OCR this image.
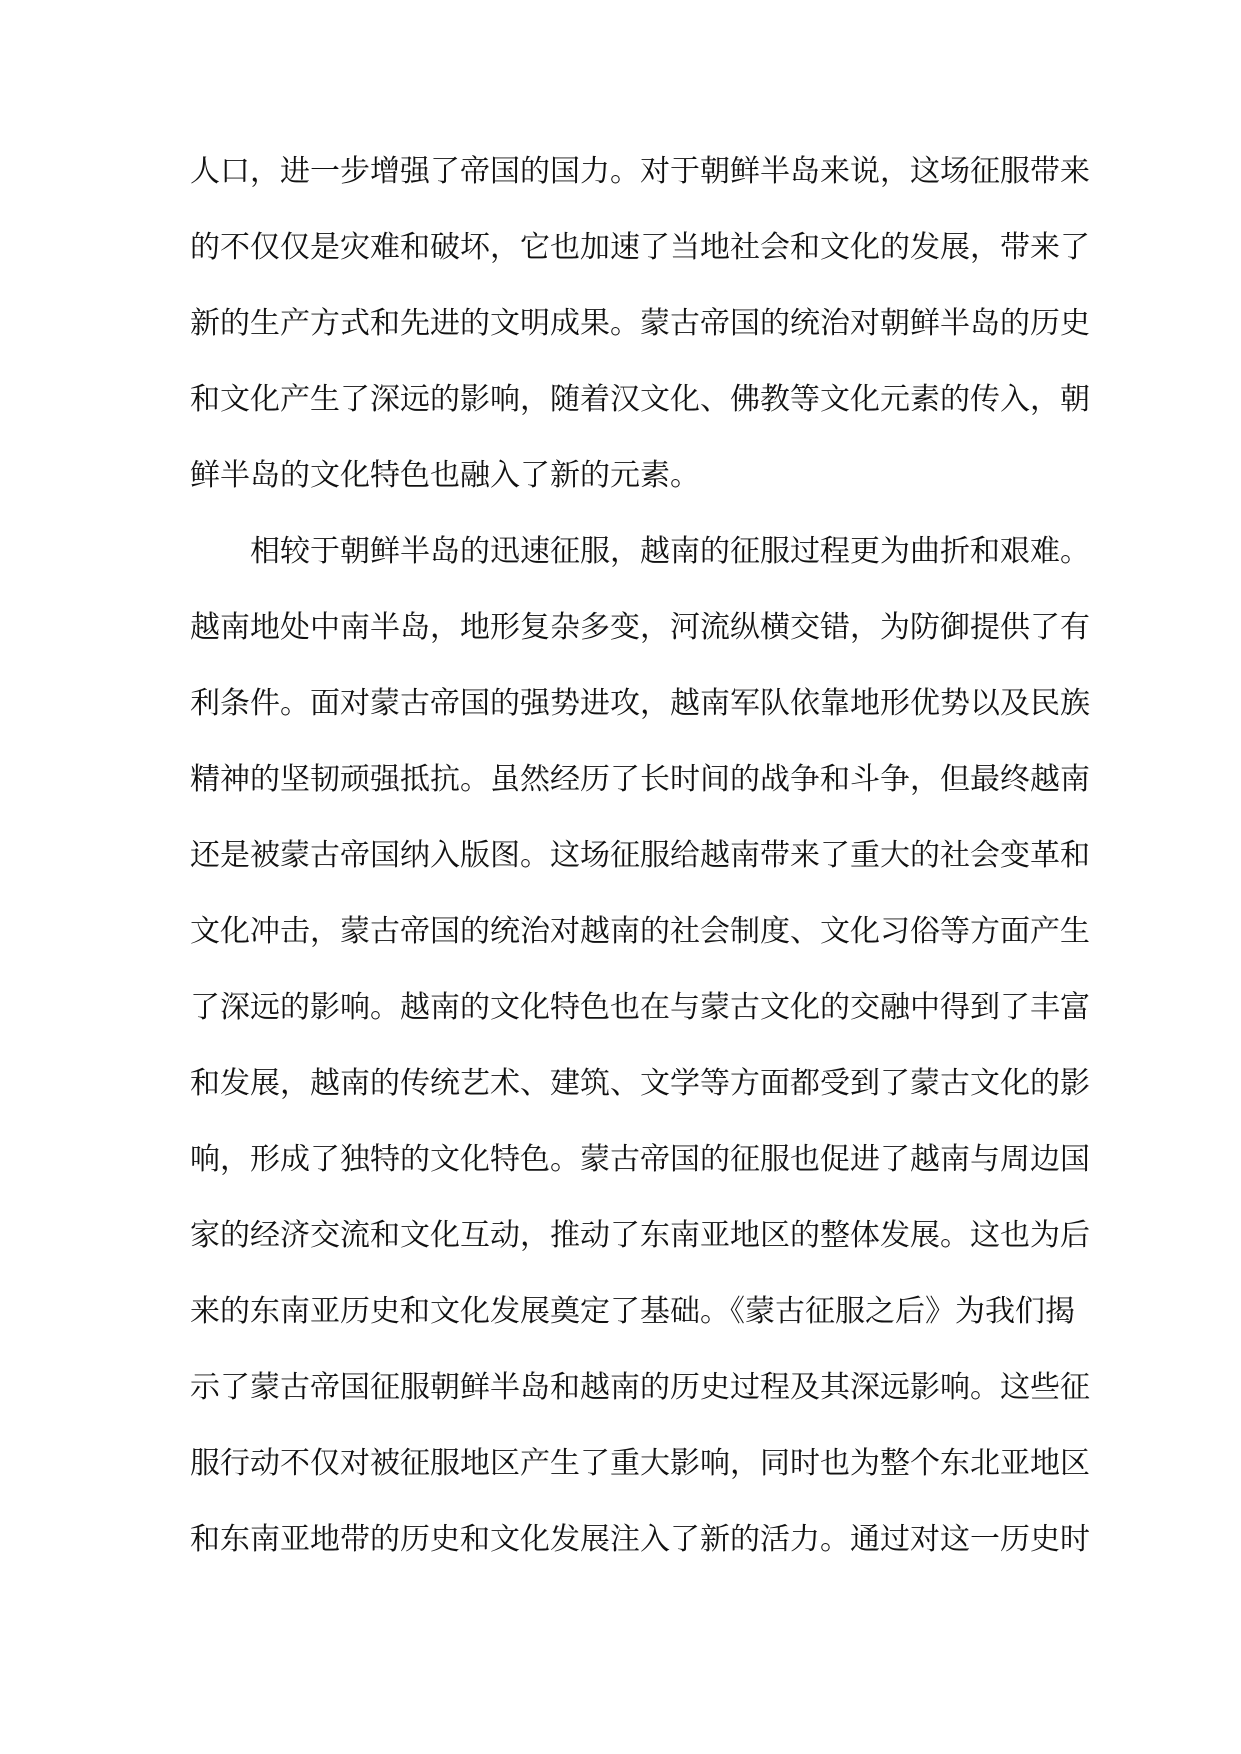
人口，进一步增强了帝国的国力。对于朝鲜半岛来说，这场征服带来
的不仅仅是灾难和破坏，它也加速了当地社会和文化的发展，带来了
新的生产方式和先进的文明成果。蒙古帝国的统治对朝鲜半岛的历史
和文化产生了深远的影响，随着汉文化、佛教等文化元素的传入，朝
鲜半岛的文化特色也融入了新的元素。
相较于朝鲜半岛的迅速征服，越南的征服过程更为曲折和艰难。
越南地处中南半岛，地形复杂多变，河流纵横交错，为防御提供了有
利条件。面对蒙古帝国的强势进攻，越南军队依靠地形优势以及民族
精神的坚韧顽强抵抗。虽然经历了长时间的战争和斗争，但最终越南
还是被蒙古帝国纳入版图。这场征服给越南带来了重大的社会变革和
文化冲击，蒙古帝国的统治对越南的社会制度、文化习俗等方面产生
了深远的影响。越南的文化特色也在与蒙古文化的交融中得到了丰富
和发展，越南的传统艺术、建筑、文学等方面都受到了蒙古文化的影
响，形成了独特的文化特色。蒙古帝国的征服也促进了越南与周边国
家的经济交流和文化互动，推动了东南亚地区的整体发展。这也为后
来的东南亚历史和文化发展奠定了基础。《蒙古征服之后》为我们揭
示了蒙古帝国征服朝鲜半岛和越南的历史过程及其深远影响。这些征
服行动不仅对被征服地区产生了重大影响，同时也为整个东北亚地区
和东南亚地带的历史和文化发展注入了新的活力。通过对这一历史时
